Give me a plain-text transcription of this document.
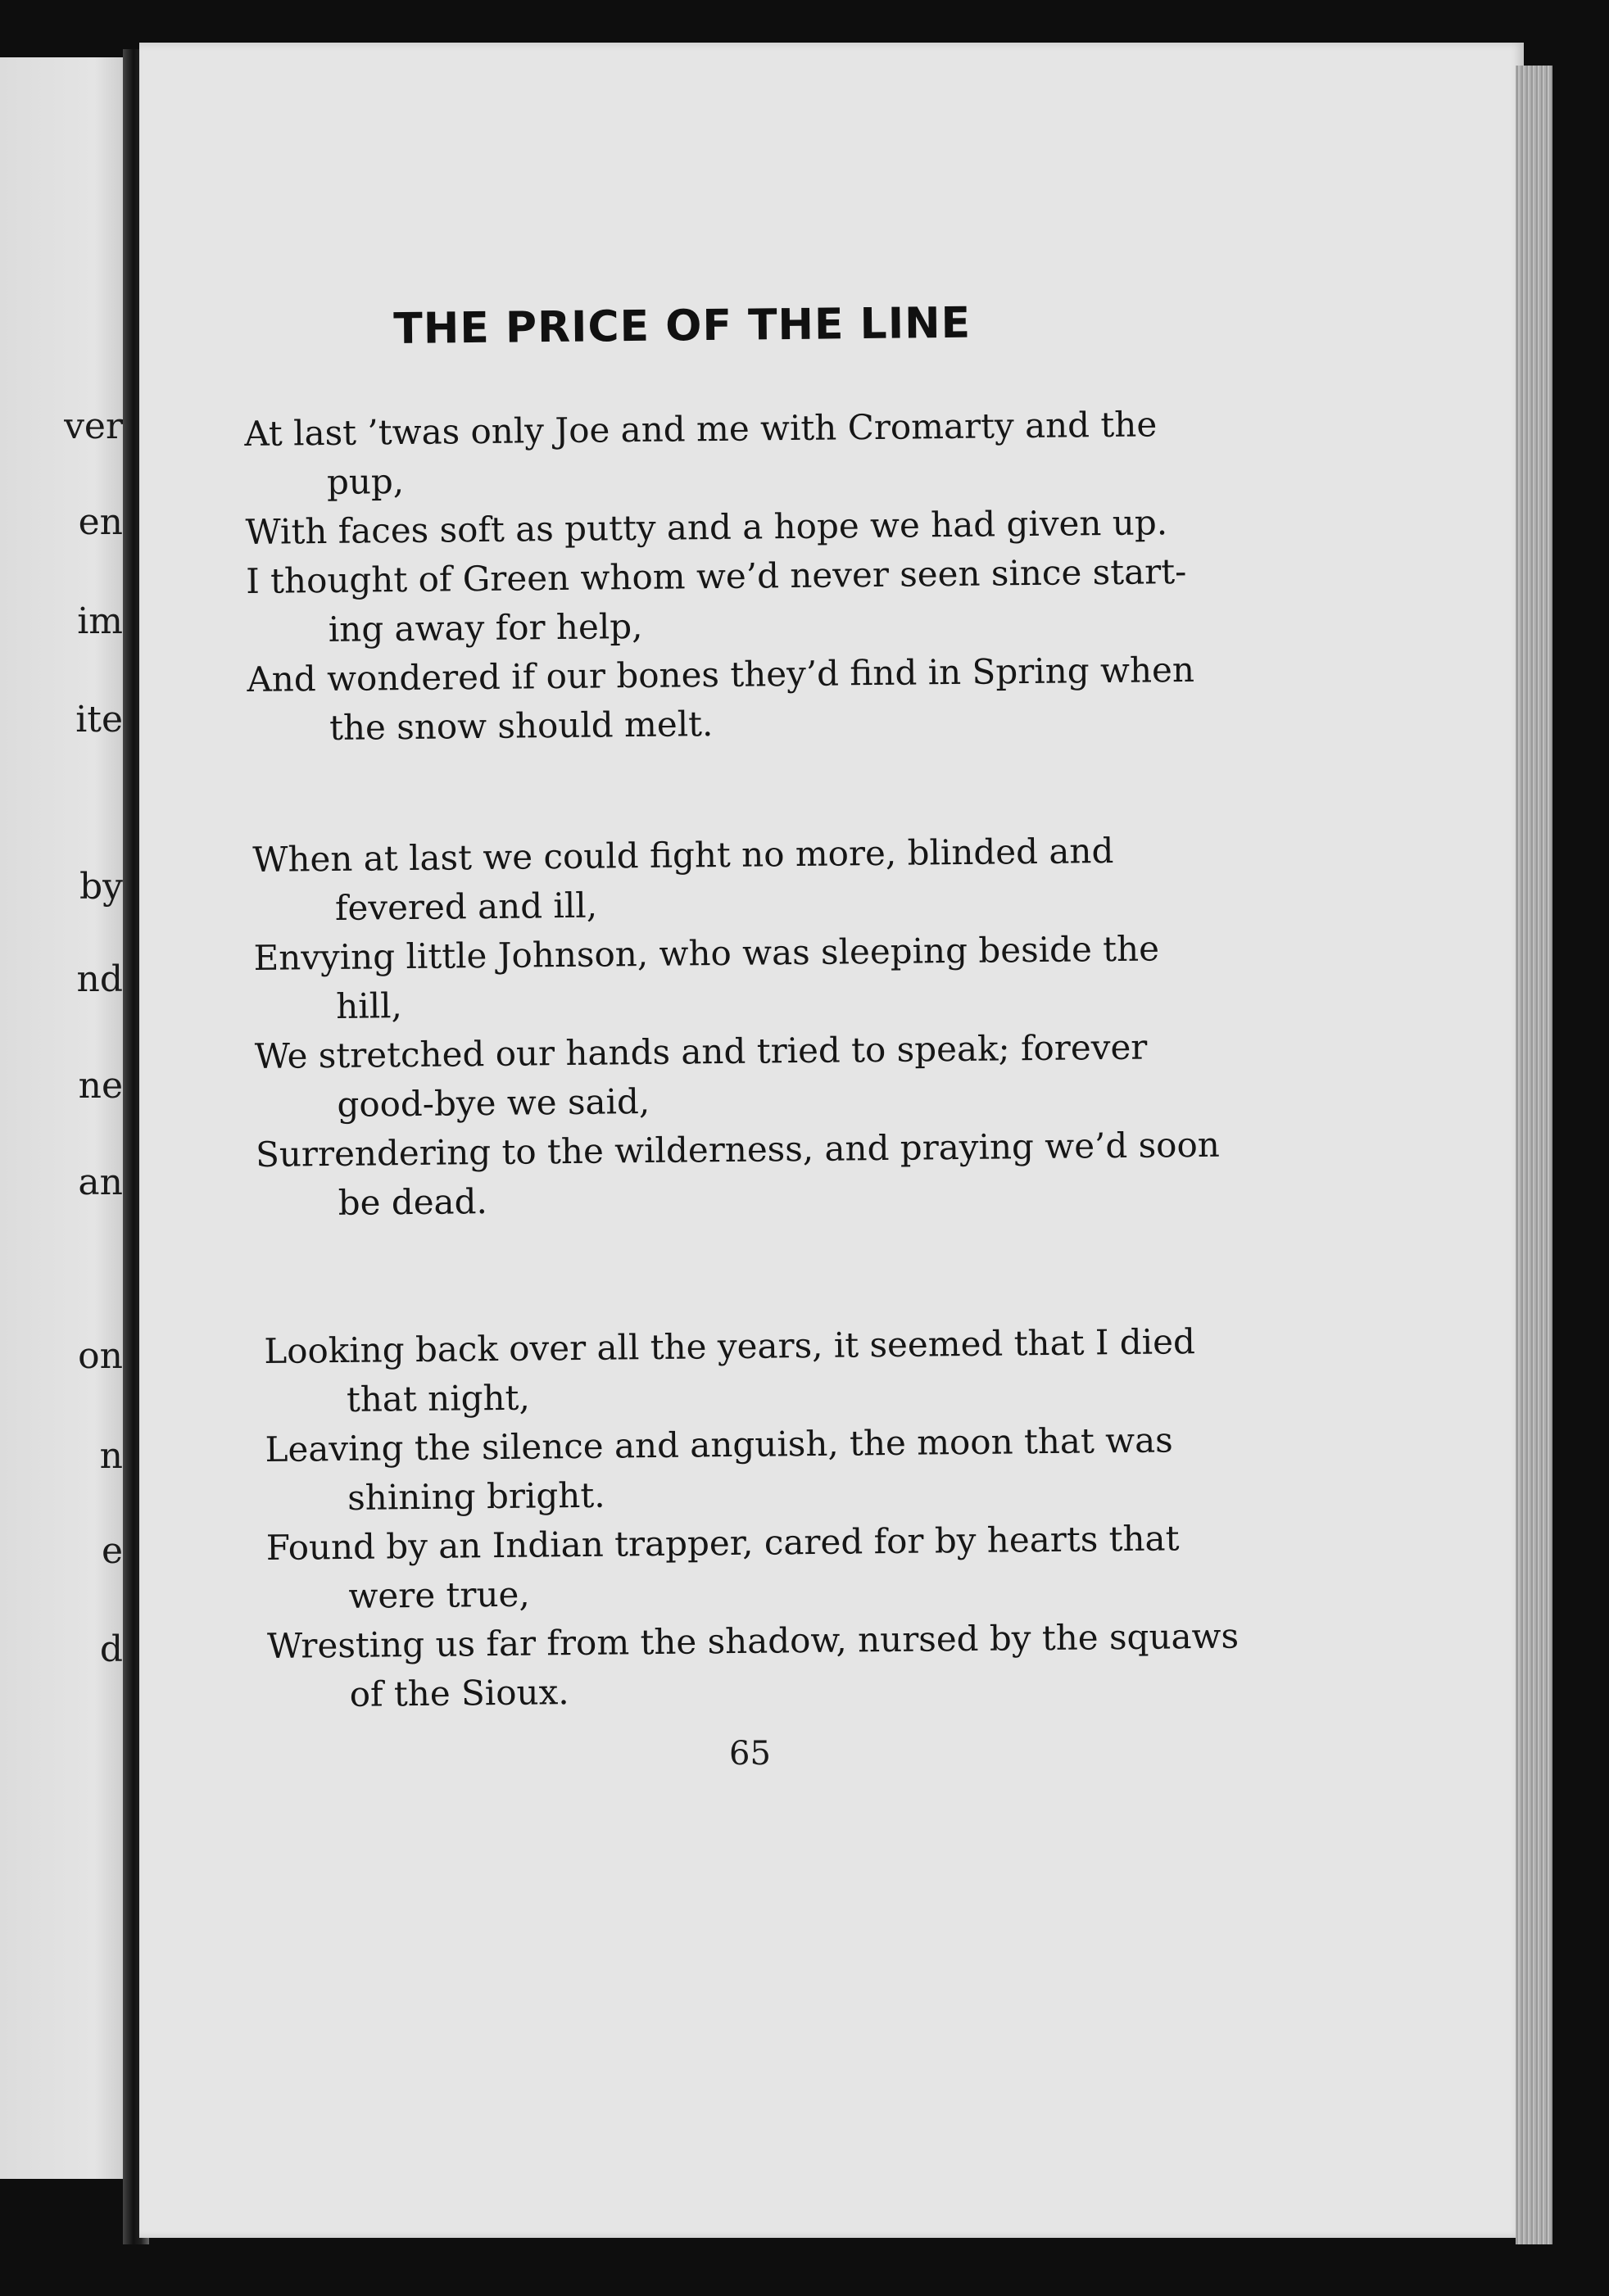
ver
en
im
ite
by
nd
ne
an
on
n
e
d
THE PRICE OF THE LINE
At last ’twas only Joe and me with Cromarty and the
pup,
With faces soft as putty and a hope we had given up.
I thought of Green whom we’d never seen since start-
ing away for help,
And wondered if our bones they’d find in Spring when
the snow should melt.
When at last we could fight no more, blinded and
fevered and ill,
Envying little Johnson, who was sleeping beside the
hill,
We stretched our hands and tried to speak; forever
good-bye we said,
Surrendering to the wilderness, and praying we’d soon
be dead.
Looking back over all the years, it seemed that I died
that night,
Leaving the silence and anguish, the moon that was
shining bright.
Found by an Indian trapper, cared for by hearts that
were true,
Wresting us far from the shadow, nursed by the squaws
of the Sioux.
65
